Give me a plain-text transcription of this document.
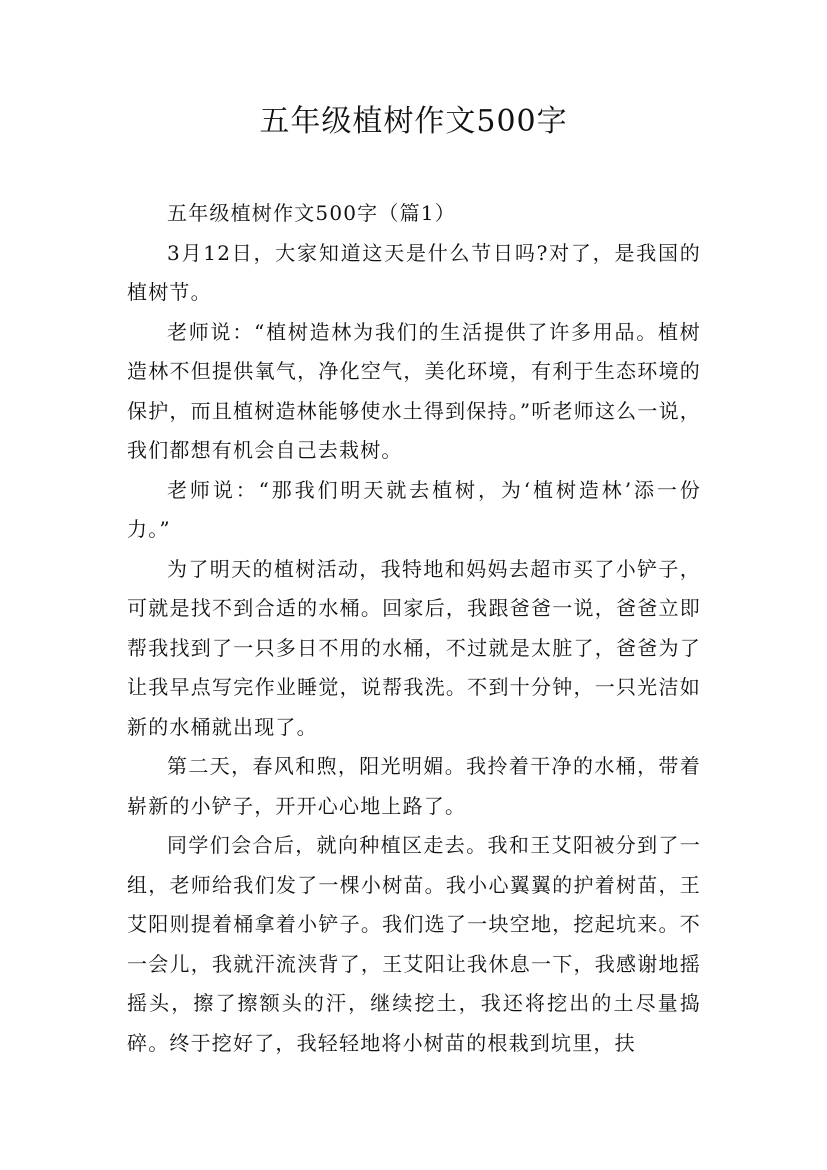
五年级植树作文500字

五年级植树作文500字（篇1）

3月12日，大家知道这天是什么节日吗?对了，是我国的植树节。

老师说：“植树造林为我们的生活提供了许多用品。植树造林不但提供氧气，净化空气，美化环境，有利于生态环境的保护，而且植树造林能够使水土得到保持。”听老师这么一说，我们都想有机会自己去栽树。

老师说：“那我们明天就去植树，为‘植树造林’添一份力。”

为了明天的植树活动，我特地和妈妈去超市买了小铲子，可就是找不到合适的水桶。回家后，我跟爸爸一说，爸爸立即帮我找到了一只多日不用的水桶，不过就是太脏了，爸爸为了让我早点写完作业睡觉，说帮我洗。不到十分钟，一只光洁如新的水桶就出现了。

第二天，春风和煦，阳光明媚。我拎着干净的水桶，带着崭新的小铲子，开开心心地上路了。

同学们会合后，就向种植区走去。我和王艾阳被分到了一组，老师给我们发了一棵小树苗。我小心翼翼的护着树苗，王艾阳则提着桶拿着小铲子。我们选了一块空地，挖起坑来。不一会儿，我就汗流浃背了，王艾阳让我休息一下，我感谢地摇摇头，擦了擦额头的汗，继续挖土，我还将挖出的土尽量捣碎。终于挖好了，我轻轻地将小树苗的根栽到坑里，扶
